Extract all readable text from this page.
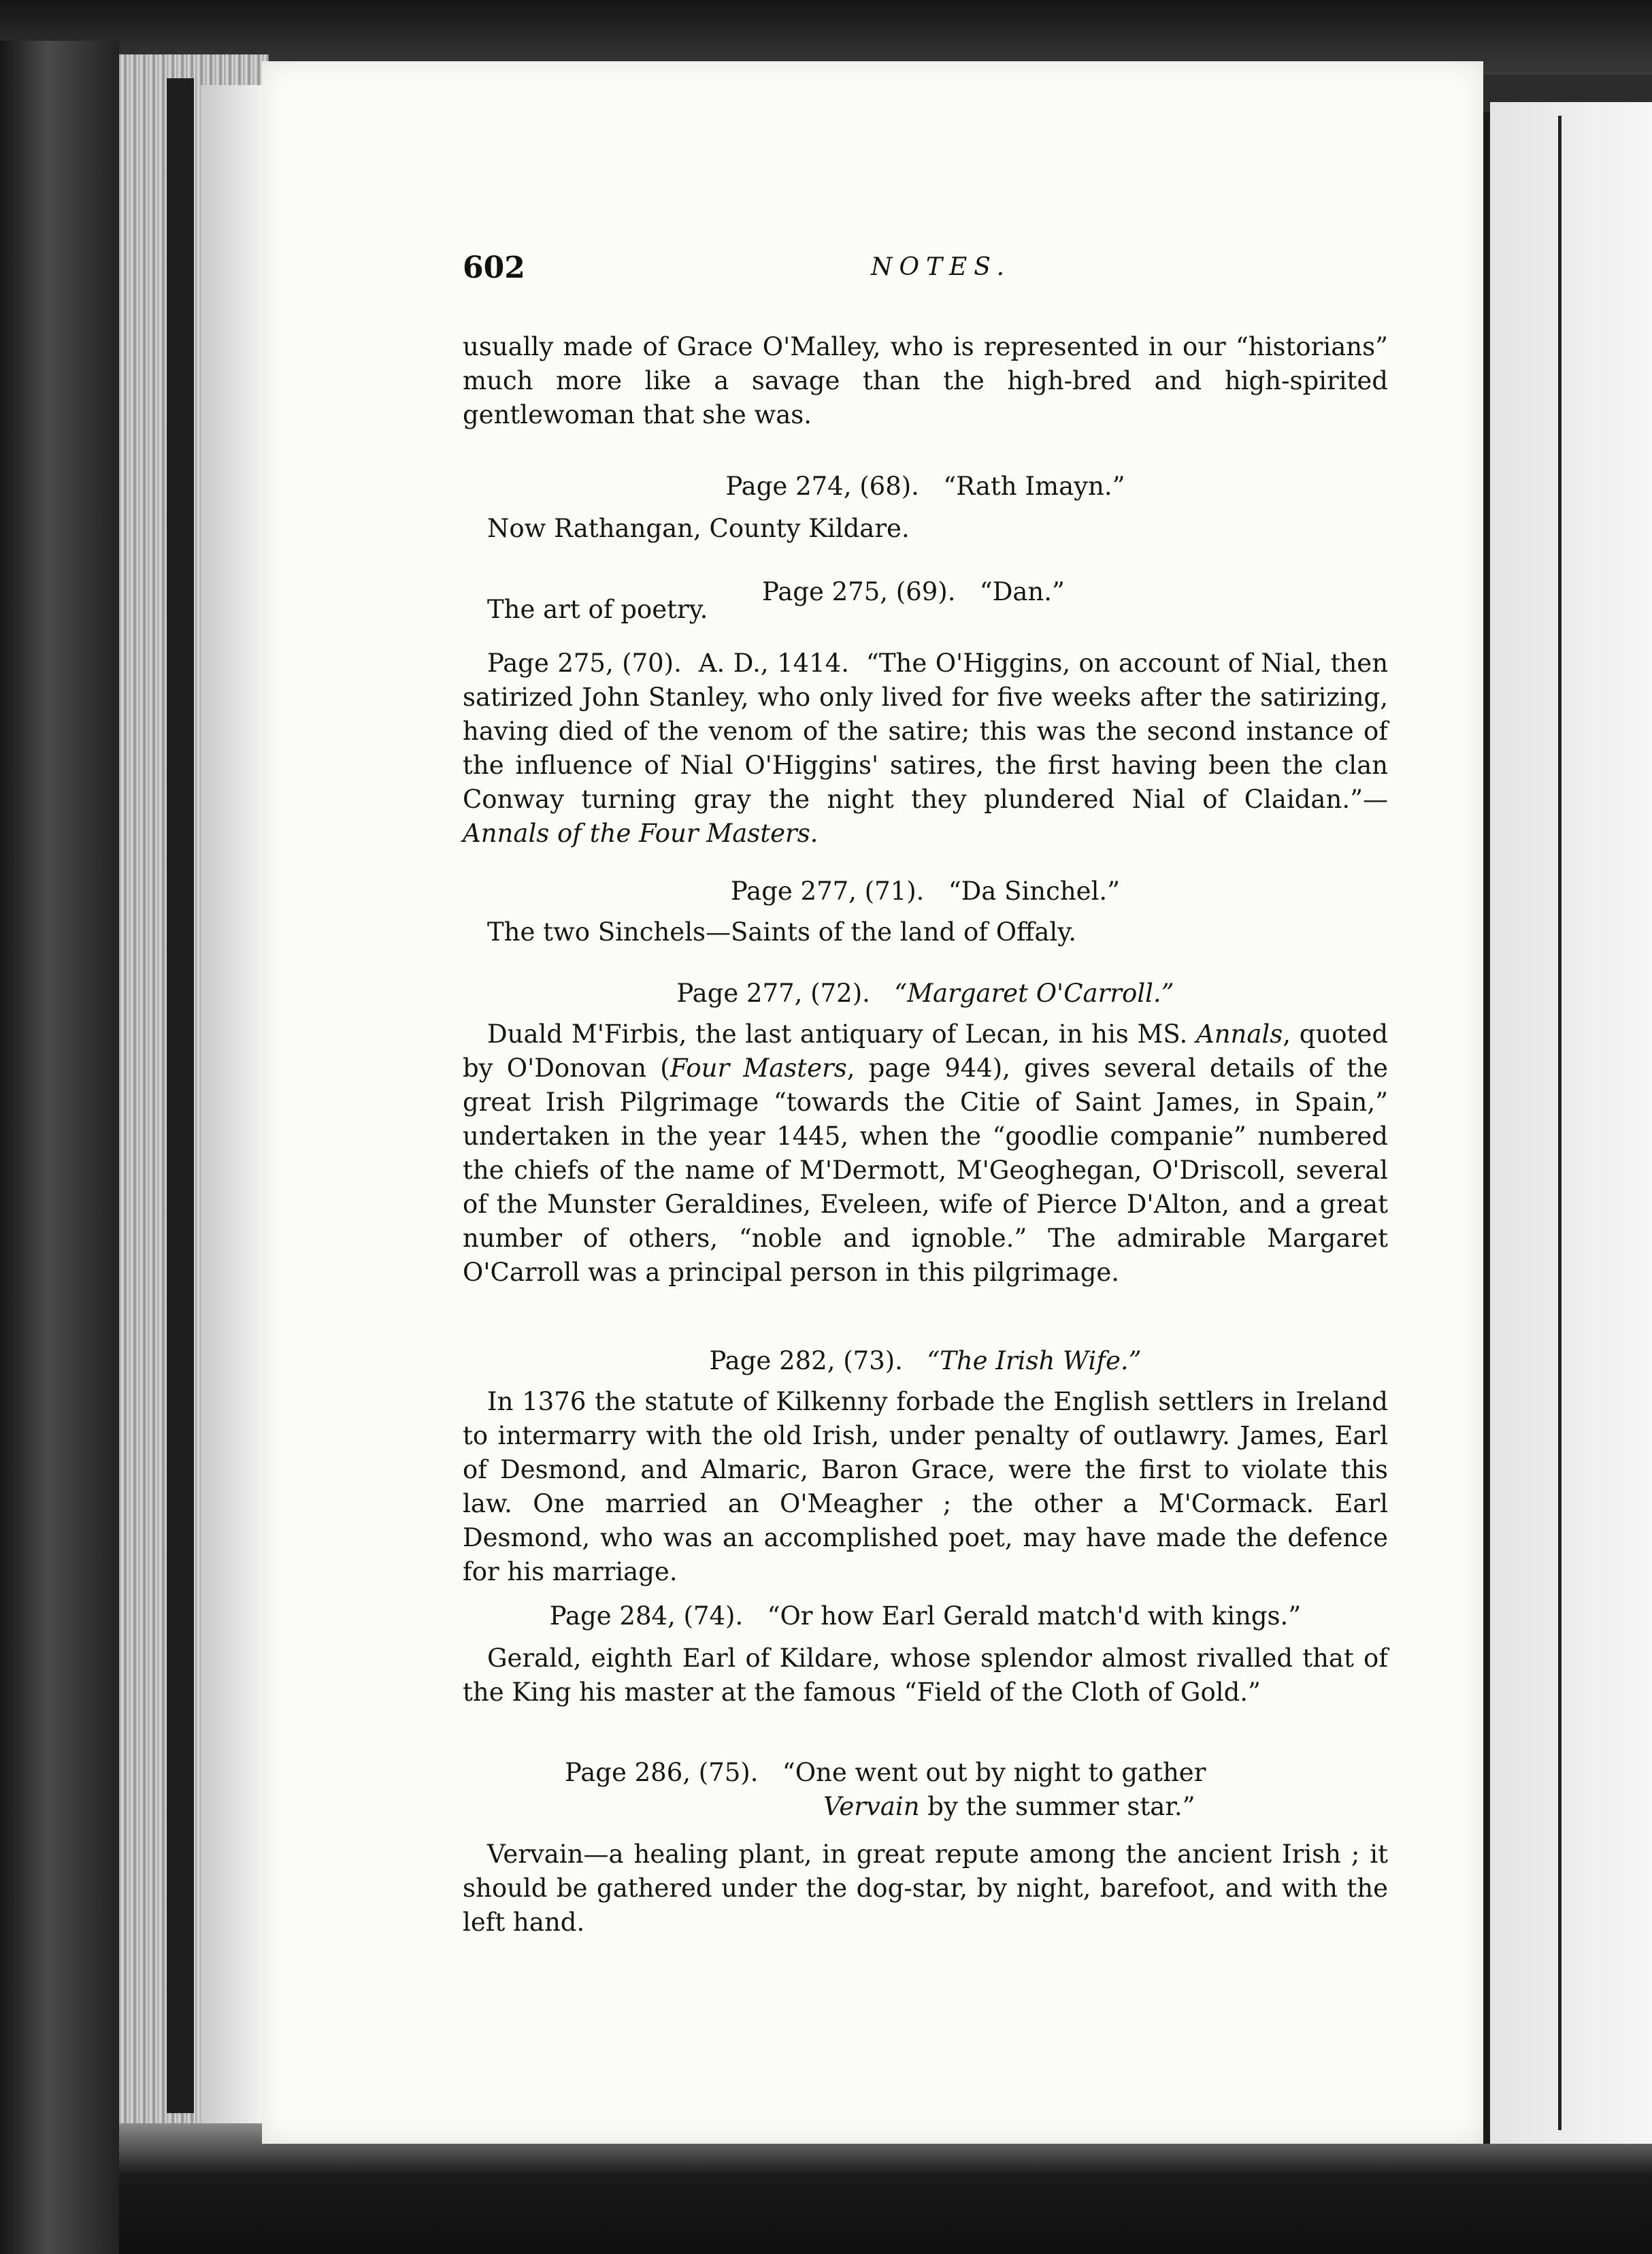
602	NOTES.
usually made of Grace O'Malley, who is represented in our “historians” much more like a savage than the high-bred and high-spirited gentlewoman that she was.
Page 274, (68). “Rath Imayn.”
Now Rathangan, County Kildare.
The art of poetry.
Page 275, (69). “Dan.”
Page 275, (70). A. D., 1414. “The O'Higgins, on account of Nial, then satirized John Stanley, who only lived for five weeks after the satirizing, having died of the venom of the satire; this was the second instance of the influence of Nial O'Higgins' satires, the first having been the clan Conway turning gray the night they plundered Nial of Claidan.”—Annals of the Four Masters.
Page 277, (71). “Da Sinchel.”
The two Sinchels—Saints of the land of Offaly.
Page 277, (72). “Margaret O'Carroll.”
Duald M'Firbis, the last antiquary of Lecan, in his MS. Annals, quoted by O'Donovan (Four Masters, page 944), gives several details of the great Irish Pilgrimage “towards the Citie of Saint James, in Spain,” undertaken in the year 1445, when the “goodlie companie” numbered the chiefs of the name of M'Dermott, M'Geoghegan, O'Driscoll, several of the Munster Geraldines, Eveleen, wife of Pierce D'Alton, and a great number of others, “noble and ignoble.” The admirable Margaret O'Carroll was a principal person in this pilgrimage.
Page 282, (73). “The Irish Wife.”
In 1376 the statute of Kilkenny forbade the English settlers in Ireland to intermarry with the old Irish, under penalty of outlawry. James, Earl of Desmond, and Almaric, Baron Grace, were the first to violate this law. One married an O'Meagher ; the other a M'Cormack. Earl Desmond, who was an accomplished poet, may have made the defence for his marriage.
Page 284, (74). “Or how Earl Gerald match'd with kings.”
Gerald, eighth Earl of Kildare, whose splendor almost rivalled that of the King his master at the famous “Field of the Cloth of Gold.”
Page 286, (75). “One went out by night to gather
Vervain by the summer star.”
Vervain—a healing plant, in great repute among the ancient Irish ; it should be gathered under the dog-star, by night, barefoot, and with the left hand.
